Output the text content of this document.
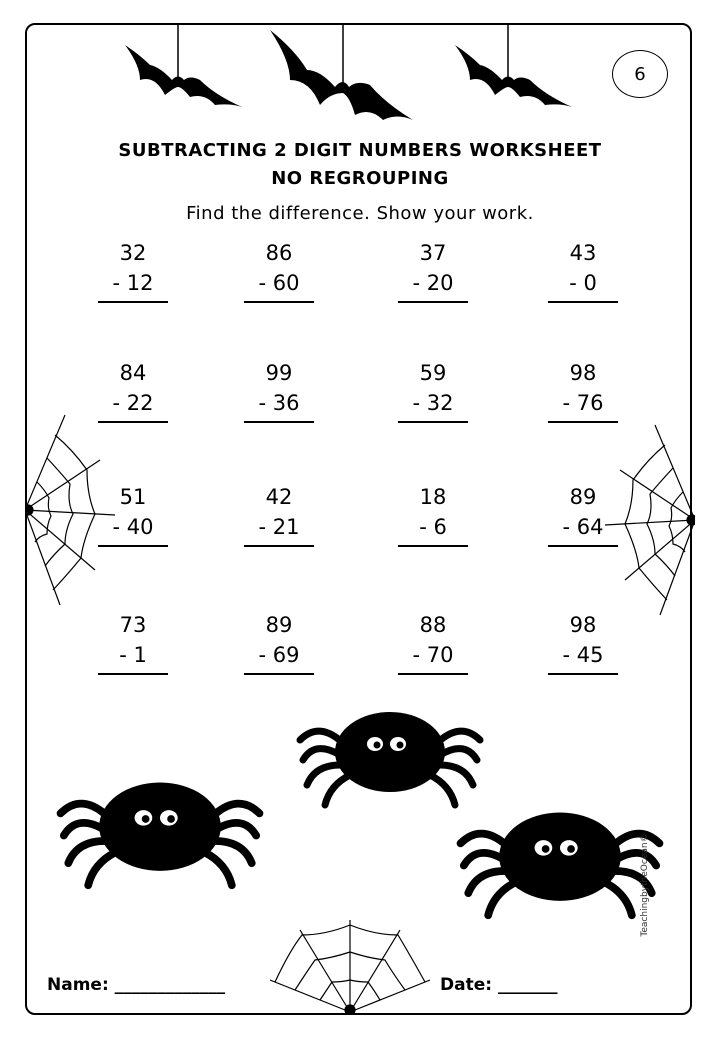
6
SUBTRACTING 2 DIGIT NUMBERS WORKSHEET
NO REGROUPING
Find the difference. Show your work.
32
- 12
86
- 60
37
- 20
43
- 0
84
- 22
99
- 36
59
- 32
98
- 76
51
- 40
42
- 21
18
- 6
89
- 64
73
- 1
89
- 69
88
- 70
98
- 45
Name: _____________	Date: _______
TeachingbytheOcean©
